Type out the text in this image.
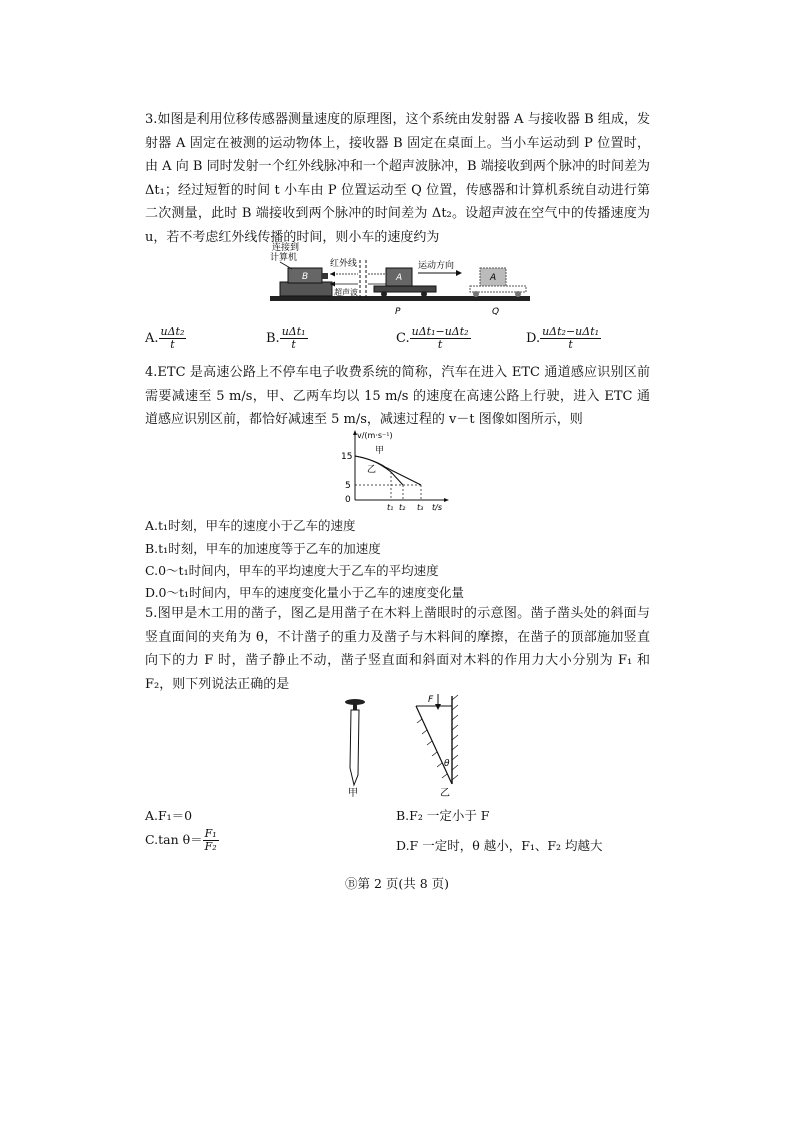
3.如图是利用位移传感器测量速度的原理图，这个系统由发射器 A 与接收器 B 组成，发射器 A 固定在被测的运动物体上，接收器 B 固定在桌面上。当小车运动到 P 位置时，由 A 向 B 同时发射一个红外线脉冲和一个超声波脉冲，B 端接收到两个脉冲的时间差为 Δt₁；经过短暂的时间 t 小车由 P 位置运动至 Q 位置，传感器和计算机系统自动进行第二次测量，此时 B 端接收到两个脉冲的时间差为 Δt₂。设超声波在空气中的传播速度为 u，若不考虑红外线传播的时间，则小车的速度约为

B
连接到
计算机
红外线
超声波
A
运动方向
A
P	Q
A. $\frac{\text{uΔt₂}}{t}$	B. $\frac{\text{uΔt₁}}{t}$	C. $\frac{\text{uΔt₁−uΔt₂}}{t}$	D. $\frac{\text{uΔt₂−uΔt₁}}{t}$

4.ETC 是高速公路上不停车电子收费系统的简称，汽车在进入 ETC 通道感应识别区前需要减速至 5 m/s，甲、乙两车均以 15 m/s 的速度在高速公路上行驶，进入 ETC 通道感应识别区前，都恰好减速至 5 m/s，减速过程的 v－t 图像如图所示，则

v/(m·s⁻¹)
t/s
15
5
0
甲
乙
t₁ t₂ t₃
A.t₁时刻，甲车的速度小于乙车的速度
B.t₁时刻，甲车的加速度等于乙车的加速度
C.0～t₁时间内，甲车的平均速度大于乙车的平均速度
D.0～t₁时间内，甲车的速度变化量小于乙车的速度变化量

5.图甲是木工用的凿子，图乙是用凿子在木料上凿眼时的示意图。凿子凿头处的斜面与竖直面间的夹角为 θ，不计凿子的重力及凿子与木料间的摩擦，在凿子的顶部施加竖直向下的力 F 时，凿子静止不动，凿子竖直面和斜面对木料的作用力大小分别为 F₁ 和 F₂，则下列说法正确的是

甲
F
θ
乙
A.F₁＝0	B.F₂ 一定小于 F
C.tan $\theta= \frac{\text{F₁}}{\text{F₂}}$	D.F 一定时，θ 越小，F₁、F₂ 均越大
Ⓑ第 2 页(共 8 页)
